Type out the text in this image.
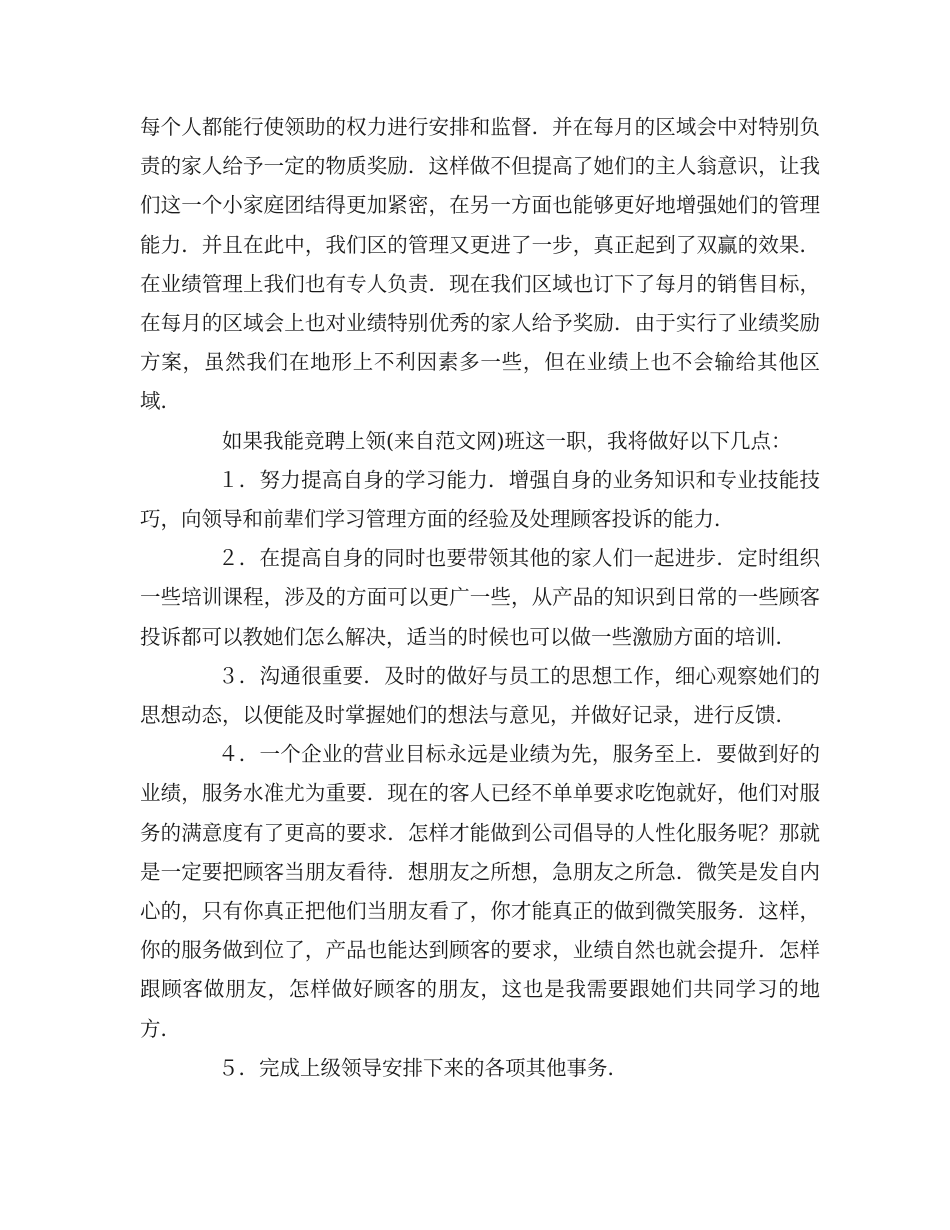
每个人都能行使领助的权力进行安排和监督．并在每月的区域会中对特别负责的家人给予一定的物质奖励．这样做不但提高了她们的主人翁意识，让我们这一个小家庭团结得更加紧密，在另一方面也能够更好地增强她们的管理能力．并且在此中，我们区的管理又更进了一步，真正起到了双赢的效果．在业绩管理上我们也有专人负责．现在我们区域也订下了每月的销售目标，在每月的区域会上也对业绩特别优秀的家人给予奖励．由于实行了业绩奖励方案，虽然我们在地形上不利因素多一些，但在业绩上也不会输给其他区域．

如果我能竞聘上领(来自范文网)班这一职，我将做好以下几点：

１．努力提高自身的学习能力．增强自身的业务知识和专业技能技巧，向领导和前辈们学习管理方面的经验及处理顾客投诉的能力．

２．在提高自身的同时也要带领其他的家人们一起进步．定时组织一些培训课程，涉及的方面可以更广一些，从产品的知识到日常的一些顾客投诉都可以教她们怎么解决，适当的时候也可以做一些激励方面的培训．

３．沟通很重要．及时的做好与员工的思想工作，细心观察她们的思想动态，以便能及时掌握她们的想法与意见，并做好记录，进行反馈．

４．一个企业的营业目标永远是业绩为先，服务至上．要做到好的业绩，服务水准尤为重要．现在的客人已经不单单要求吃饱就好，他们对服务的满意度有了更高的要求．怎样才能做到公司倡导的人性化服务呢？那就是一定要把顾客当朋友看待．想朋友之所想，急朋友之所急．微笑是发自内心的，只有你真正把他们当朋友看了，你才能真正的做到微笑服务．这样，你的服务做到位了，产品也能达到顾客的要求，业绩自然也就会提升．怎样跟顾客做朋友，怎样做好顾客的朋友，这也是我需要跟她们共同学习的地方．

５．完成上级领导安排下来的各项其他事务．
